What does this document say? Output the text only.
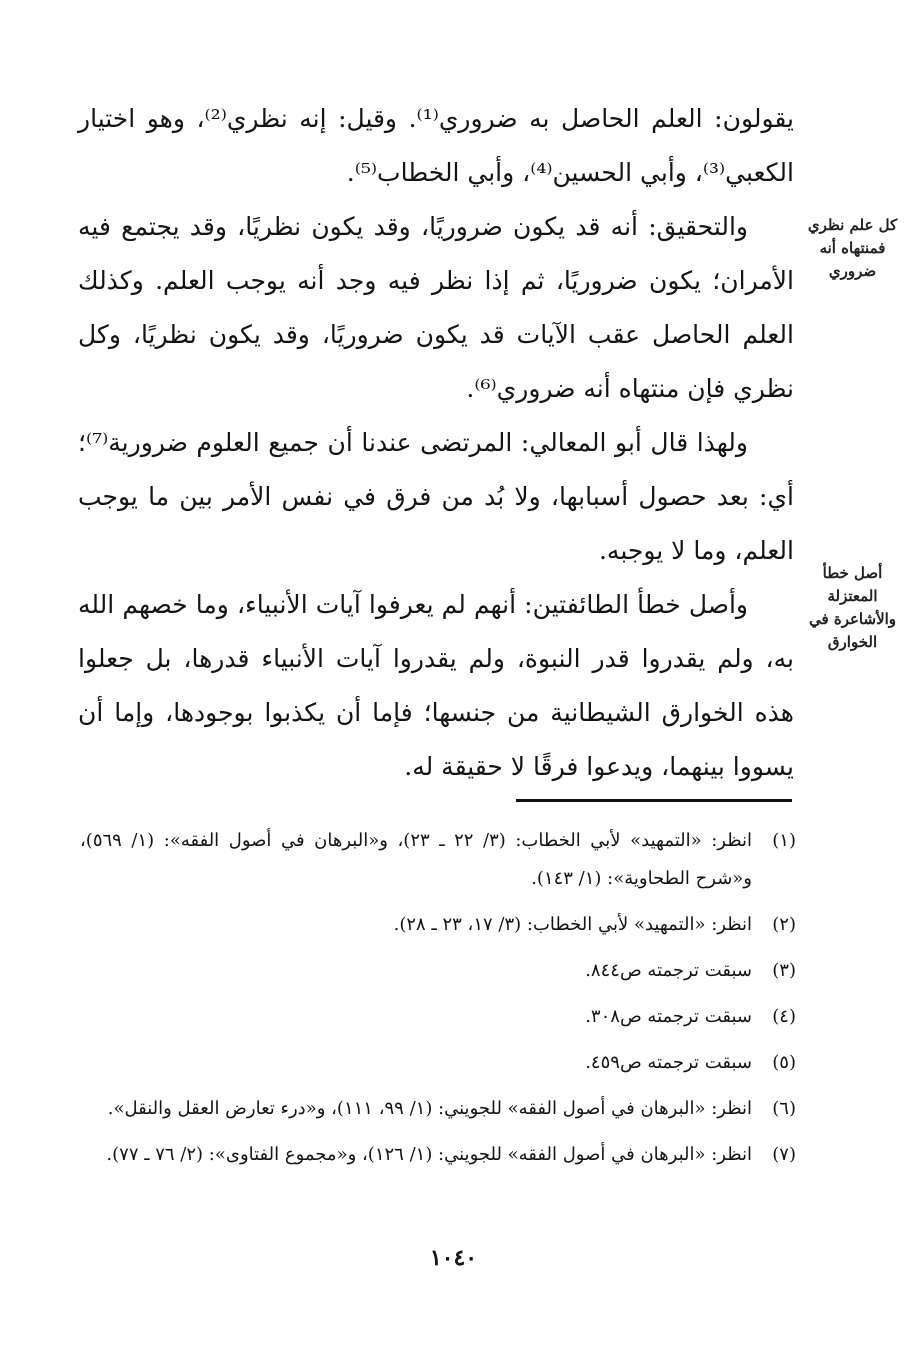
يقولون: العلم الحاصل به ضروري⁽¹⁾. وقيل: إنه نظري⁽²⁾، وهو اختيار الكعبي⁽³⁾، وأبي الحسين⁽⁴⁾، وأبي الخطاب⁽⁵⁾.

والتحقيق: أنه قد يكون ضروريًا، وقد يكون نظريًا، وقد يجتمع فيه الأمران؛ يكون ضروريًا، ثم إذا نظر فيه وجد أنه يوجب العلم. وكذلك العلم الحاصل عقب الآيات قد يكون ضروريًا، وقد يكون نظريًا، وكل نظري فإن منتهاه أنه ضروري⁽⁶⁾.

ولهذا قال أبو المعالي: المرتضى عندنا أن جميع العلوم ضرورية⁽⁷⁾؛ أي: بعد حصول أسبابها، ولا بُد من فرق في نفس الأمر بين ما يوجب العلم، وما لا يوجبه.

وأصل خطأ الطائفتين: أنهم لم يعرفوا آيات الأنبياء، وما خصهم الله به، ولم يقدروا قدر النبوة، ولم يقدروا آيات الأنبياء قدرها، بل جعلوا هذه الخوارق الشيطانية من جنسها؛ فإما أن يكذبوا بوجودها، وإما أن يسووا بينهما، ويدعوا فرقًا لا حقيقة له.

كل علم نظري فمنتهاه أنه ضروري
أصل خطأ المعتزلة والأشاعرة في الخوارق
(١)
انظر: «التمهيد» لأبي الخطاب: (٣/ ٢٢ ـ ٢٣)، و«البرهان في أصول الفقه»: (١/ ٥٦٩)، و«شرح الطحاوية»: (١/ ١٤٣).
(٢)
انظر: «التمهيد» لأبي الخطاب: (٣/ ١٧، ٢٣ ـ ٢٨).
(٣)
سبقت ترجمته ص٨٤٤.
(٤)
سبقت ترجمته ص٣٠٨.
(٥)
سبقت ترجمته ص٤٥٩.
(٦)
انظر: «البرهان في أصول الفقه» للجويني: (١/ ٩٩، ١١١)، و«درء تعارض العقل والنقل».
(٧)
انظر: «البرهان في أصول الفقه» للجويني: (١/ ١٢٦)، و«مجموع الفتاوى»: (٢/ ٧٦ ـ ٧٧).
١٠٤٠
